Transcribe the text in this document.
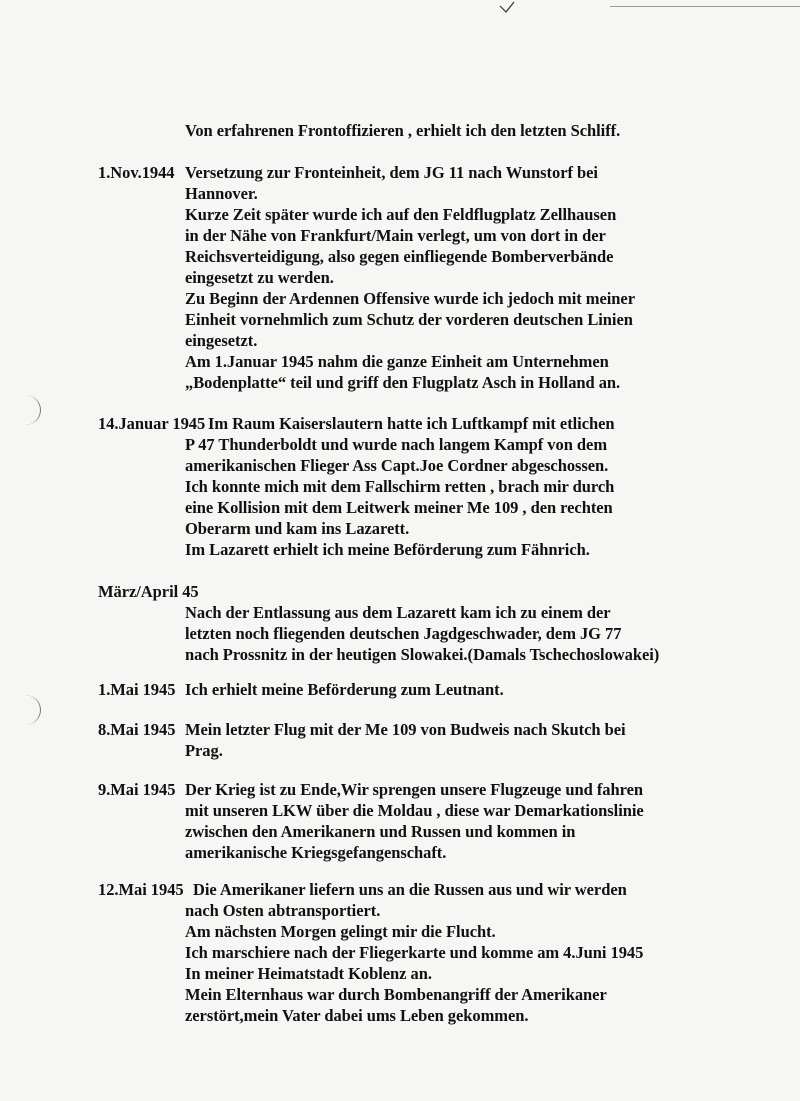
Von erfahrenen Frontoffizieren , erhielt ich den letzten Schliff.
1.Nov.1944 Versetzung zur Fronteinheit, dem JG 11 nach Wunstorf bei
Hannover.
Kurze Zeit später wurde ich auf den Feldflugplatz Zellhausen
in der Nähe von Frankfurt/Main verlegt, um von dort in der
Reichsverteidigung, also gegen einfliegende Bomberverbände
eingesetzt zu werden.
Zu Beginn der Ardennen Offensive wurde ich jedoch mit meiner
Einheit vornehmlich zum Schutz der vorderen deutschen Linien
eingesetzt.
Am 1.Januar 1945 nahm die ganze Einheit am Unternehmen
„Bodenplatte“ teil und griff den Flugplatz Asch in Holland an.
14.Januar 1945 Im Raum Kaiserslautern hatte ich Luftkampf mit etlichen
P 47 Thunderboldt und wurde nach langem Kampf von dem
amerikanischen Flieger Ass Capt.Joe Cordner abgeschossen.
Ich konnte mich mit dem Fallschirm retten , brach mir durch
eine Kollision mit dem Leitwerk meiner Me 109 , den rechten
Oberarm und kam ins Lazarett.
Im Lazarett erhielt ich meine Beförderung zum Fähnrich.
März/April 45
Nach der Entlassung aus dem Lazarett kam ich zu einem der
letzten noch fliegenden deutschen Jagdgeschwader, dem JG 77
nach Prossnitz in der heutigen Slowakei.(Damals Tschechoslowakei)
1.Mai 1945 Ich erhielt meine Beförderung zum Leutnant.
8.Mai 1945 Mein letzter Flug mit der Me 109 von Budweis nach Skutch bei
Prag.
9.Mai 1945 Der Krieg ist zu Ende,Wir sprengen unsere Flugzeuge und fahren
mit unseren LKW über die Moldau , diese war Demarkationslinie
zwischen den Amerikanern und Russen und kommen in
amerikanische Kriegsgefangenschaft.
12.Mai 1945 Die Amerikaner liefern uns an die Russen aus und wir werden
nach Osten abtransportiert.
Am nächsten Morgen gelingt mir die Flucht.
Ich marschiere nach der Fliegerkarte und komme am 4.Juni 1945
In meiner Heimatstadt Koblenz an.
Mein Elternhaus war durch Bombenangriff der Amerikaner
zerstört,mein Vater dabei ums Leben gekommen.
